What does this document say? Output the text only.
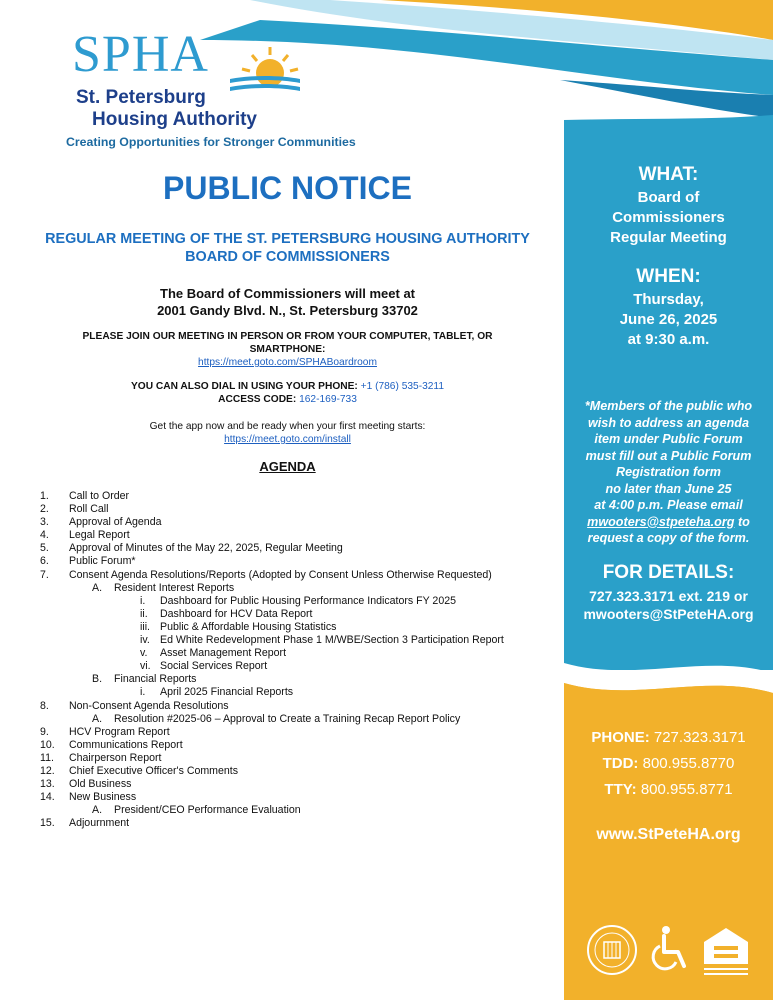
SPHA
St. Petersburg
Housing Authority
Creating Opportunities for Stronger Communities
PUBLIC NOTICE
REGULAR MEETING OF THE ST. PETERSBURG HOUSING AUTHORITY
BOARD OF COMMISSIONERS
The Board of Commissioners will meet at
2001 Gandy Blvd. N., St. Petersburg 33702
PLEASE JOIN OUR MEETING IN PERSON OR FROM YOUR COMPUTER, TABLET, OR
SMARTPHONE:
https://meet.goto.com/SPHABoardroom
YOU CAN ALSO DIAL IN USING YOUR PHONE: +1 (786) 535-3211
ACCESS CODE: 162-169-733
Get the app now and be ready when your first meeting starts:
https://meet.goto.com/install
AGENDA
1. Call to Order
2. Roll Call
3. Approval of Agenda
4. Legal Report
5. Approval of Minutes of the May 22, 2025, Regular Meeting
6. Public Forum*
7. Consent Agenda Resolutions/Reports (Adopted by Consent Unless Otherwise Requested)
A. Resident Interest Reports
i. Dashboard for Public Housing Performance Indicators FY 2025
ii. Dashboard for HCV Data Report
iii. Public & Affordable Housing Statistics
iv. Ed White Redevelopment Phase 1 M/WBE/Section 3 Participation Report
v. Asset Management Report
vi. Social Services Report
B. Financial Reports
i. April 2025 Financial Reports
8. Non-Consent Agenda Resolutions
A. Resolution #2025-06 – Approval to Create a Training Recap Report Policy
9. HCV Program Report
10. Communications Report
11. Chairperson Report
12. Chief Executive Officer's Comments
13. Old Business
14. New Business
A. President/CEO Performance Evaluation
15. Adjournment
WHAT:
Board of
Commissioners
Regular Meeting
WHEN:
Thursday,
June 26, 2025
at 9:30 a.m.
*Members of the public who
wish to address an agenda
item under Public Forum
must fill out a Public Forum
Registration form
no later than June 25
at 4:00 p.m. Please email
mwooters@stpeteha.org to
request a copy of the form.
FOR DETAILS:
727.323.3171 ext. 219 or
mwooters@StPeteHA.org
PHONE: 727.323.3171
TDD: 800.955.8770
TTY: 800.955.8771
www.StPeteHA.org
